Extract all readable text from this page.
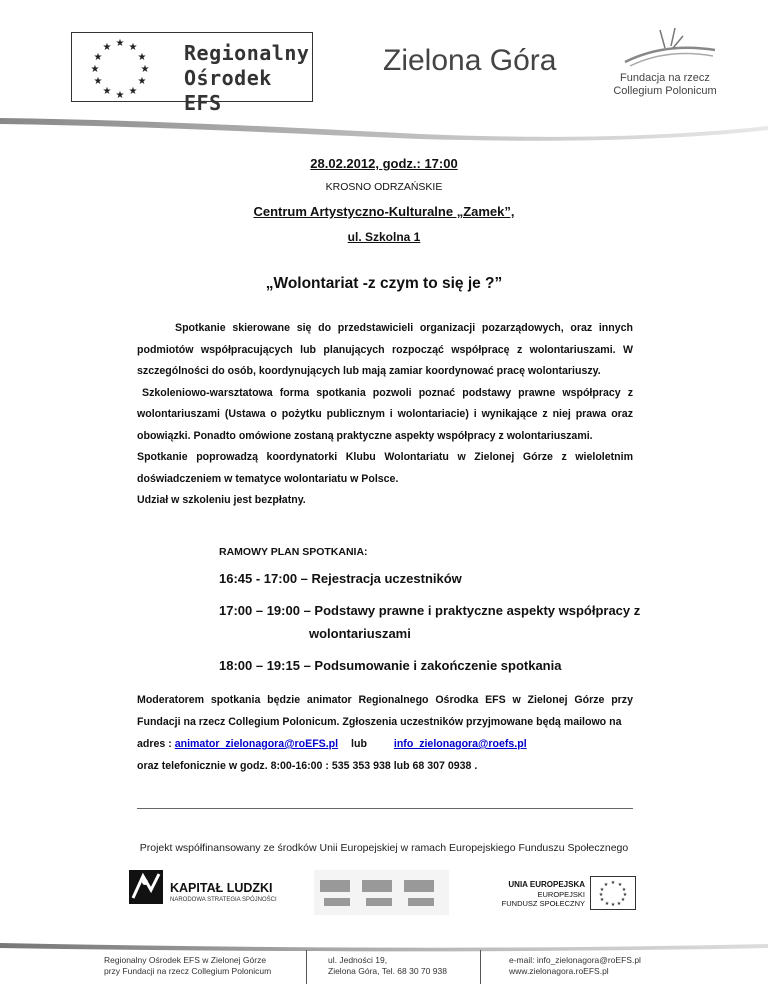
★ ★
★
★
★
★
★
★
★
★
★
★	Regionalny
Ośrodek EFS
Zielona Góra
Fundacja na rzecz
Collegium Polonicum
28.02.2012, godz.: 17:00
KROSNO ODRZAŃSKIE
Centrum Artystyczno-Kulturalne „Zamek”,
ul. Szkolna 1
„Wolontariat -z czym to się je ?”

Spotkanie skierowane się do przedstawicieli organizacji pozarządowych, oraz innych podmiotów współpracujących lub planujących rozpocząć współpracę z wolontariuszami. W szczególności do osób, koordynujących lub mają zamiar koordynować pracę wolontariuszy.

Szkoleniowo-warsztatowa forma spotkania pozwoli poznać podstawy prawne współpracy z wolontariuszami (Ustawa o pożytku publicznym i wolontariacie) i wynikające z niej prawa oraz obowiązki. Ponadto omówione zostaną praktyczne aspekty współpracy z wolontariuszami.

Spotkanie poprowadzą koordynatorki Klubu Wolontariatu w Zielonej Górze z wieloletnim doświadczeniem w tematyce wolontariatu w Polsce.

Udział w szkoleniu jest bezpłatny.

RAMOWY PLAN SPOTKANIA:
16:45 - 17:00 – Rejestracja uczestników
17:00 – 19:00 – Podstawy prawne i praktyczne aspekty współpracy z
wolontariuszami
18:00 – 19:15 – Podsumowanie i zakończenie spotkania

Moderatorem spotkania będzie animator Regionalnego Ośrodka EFS w Zielonej Górze przy Fundacji na rzecz Collegium Polonicum. Zgłoszenia uczestników przyjmowane będą mailowo na

adres : animator_zielonagora@roEFS.pl lub	info_zielonagora@roefs.pl

oraz telefonicznie w godz. 8:00-16:00 : 535 353 938 lub 68 307 0938 .

Projekt współfinansowany ze środków Unii Europejskiej w ramach Europejskiego Funduszu Społecznego
KAPITAŁ LUDZKI
NARODOWA STRATEGIA SPÓJNOŚCI
UNIA EUROPEJSKA
EUROPEJSKI
FUNDUSZ SPOŁECZNY
★ ★
★
★
★
★
★
★
★
★
★
★
Regionalny Ośrodek EFS w Zielonej Górze
przy Fundacji na rzecz Collegium Polonicum
ul. Jedności 19,
Zielona Góra, Tel. 68 30 70 938
e-mail: info_zielonagora@roEFS.pl
www.zielonagora.roEFS.pl
